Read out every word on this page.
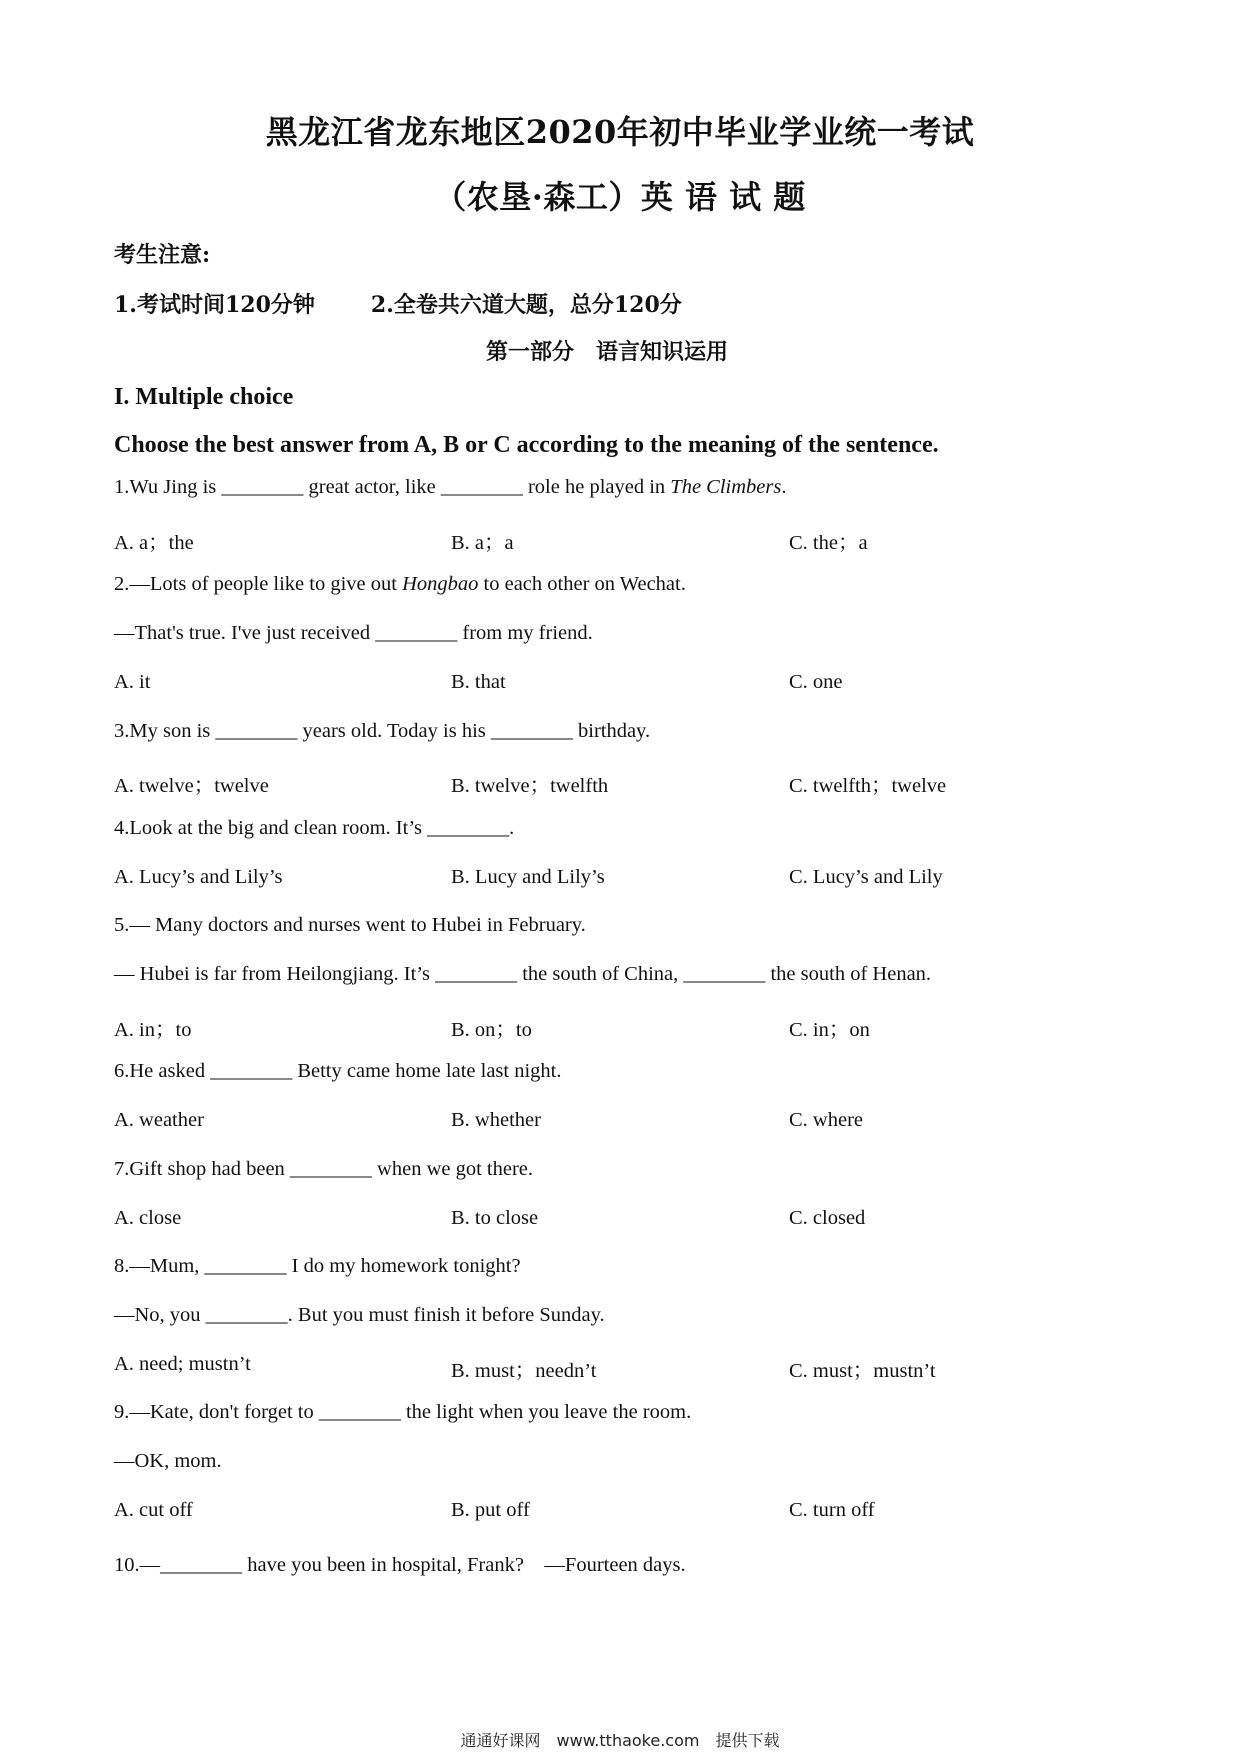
黑龙江省龙东地区2020年初中毕业学业统一考试
（农垦·森工）英 语 试 题
考生注意:
1.考试时间120分钟	2.全卷共六道大题，总分120分
第一部分　语言知识运用
I. Multiple choice
Choose the best answer from A, B or C according to the meaning of the sentence.
1.Wu Jing is ________ great actor, like ________ role he played in The Climbers.
A. a；the	B. a；a	C. the；a
2.—Lots of people like to give out Hongbao to each other on Wechat.
—That's true. I've just received ________ from my friend.
A. it	B. that	C. one
3.My son is ________ years old. Today is his ________ birthday.
A. twelve；twelve	B. twelve；twelfth	C. twelfth；twelve
4.Look at the big and clean room. It’s ________.
A. Lucy’s and Lily’s	B. Lucy and Lily’s	C. Lucy’s and Lily
5.— Many doctors and nurses went to Hubei in February.
— Hubei is far from Heilongjiang. It’s ________ the south of China, ________ the south of Henan.
A. in；to	B. on；to	C. in；on
6.He asked ________ Betty came home late last night.
A. weather	B. whether	C. where
7.Gift shop had been ________ when we got there.
A. close	B. to close	C. closed
8.—Mum, ________ I do my homework tonight?
—No, you ________. But you must finish it before Sunday.
A. need; mustn’t	B. must；needn’t	C. must；mustn’t
9.—Kate, don't forget to ________ the light when you leave the room.
—OK, mom.
A. cut off	B. put off	C. turn off
10.—________ have you been in hospital, Frank?　—Fourteen days.
通通好课网　www.tthaoke.com　提供下载
